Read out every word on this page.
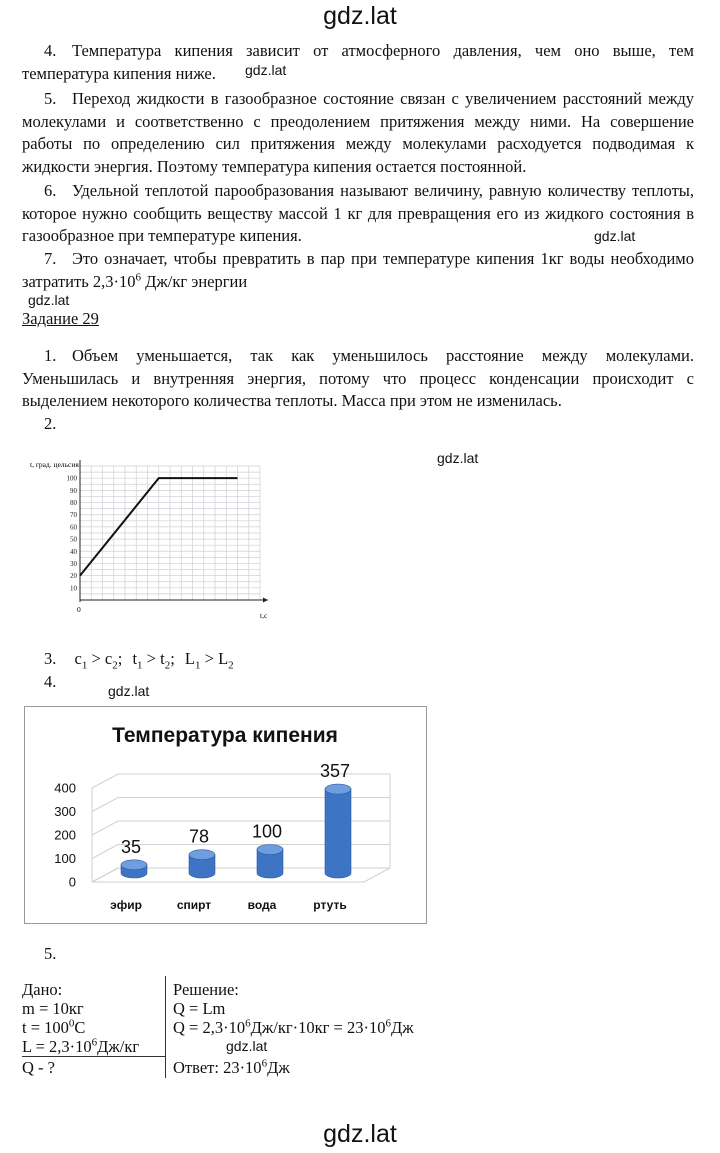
gdz.lat
4. Температура кипения зависит от атмосферного давления, чем оно выше, тем температура кипения ниже.	gdz.lat
5. Переход жидкости в газообразное состояние связан с увеличением расстояний между молекулами и соответственно с преодолением притяжения между ними. На совершение работы по определению сил притяжения между молекулами расходуется подводимая к жидкости энергия. Поэтому температура кипения остается постоянной.
6. Удельной теплотой парообразования называют величину, равную количеству теплоты, которое нужно сообщить веществу массой 1 кг для превращения его из жидкого состояния в газообразное при температуре кипения.	gdz.lat
7. Это означает, чтобы превратить в пар при температуре кипения 1кг воды необходимо затратить $2,3\cdot 10^6$ Дж/кг энергии
gdz.lat
Задание 29
1. Объем уменьшается, так как уменьшилось расстояние между молекулами. Уменьшилась и внутренняя энергия, потому что процесс конденсации происходит с выделением некоторого количества теплоты. Масса при этом не изменилась.
2.
gdz.lat
10
20
30
40
50
60
70
80
90
100
t, град. цельсия
t,c
0
3. $c_1 > c_2$; $t_1 > t_2$; $L_1 > L_2$
4.	gdz.lat
Температура кипения
0
100
200
300
400
35
78 100
357
эфир	спирт	вода	ртуть
5.
Дано:
m = 10кг
$t = 100^0C$
$L = 2,3\cdot 10^6Дж/кг$
Q - ?
Решение:
Q = Lm
$Q = 2,3\cdot 10^6Дж/кг\cdot 10кг = 23\cdot 10^6Дж$
Ответ: $23\cdot 10^6Дж$
gdz.lat
gdz.lat
